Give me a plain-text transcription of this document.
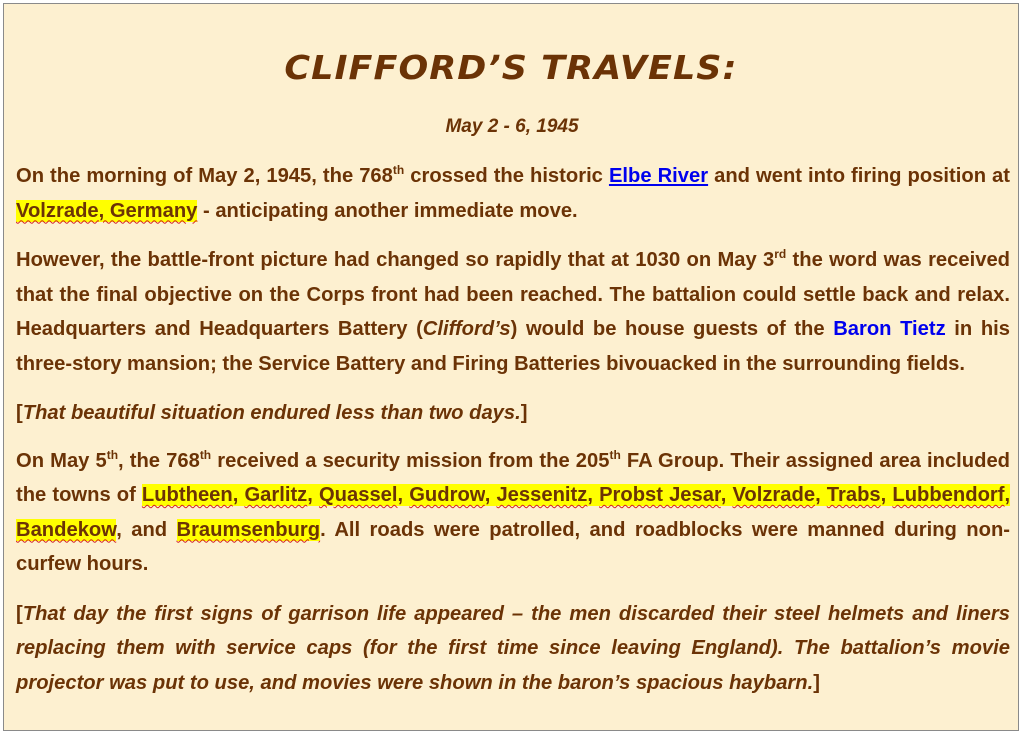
CLIFFORD’S TRAVELS:
May 2 - 6, 1945

On the morning of May 2, 1945, the 768th crossed the historic Elbe River and went into firing position at Volzrade, Germany - anticipating another immediate move.

However, the battle-front picture had changed so rapidly that at 1030 on May 3rd the word was received that the final objective on the Corps front had been reached. The battalion could settle back and relax. Headquarters and Headquarters Battery (Clifford’s) would be house guests of the Baron Tietz in his three-story mansion; the Service Battery and Firing Batteries bivouacked in the surrounding fields.

[That beautiful situation endured less than two days.]

On May 5th, the 768th received a security mission from the 205th FA Group. Their assigned area included the towns of Lubtheen, Garlitz, Quassel, Gudrow, Jessenitz, Probst Jesar, Volzrade, Trabs, Lubbendorf, Bandekow, and Braumsenburg. All roads were patrolled, and roadblocks were manned during non-curfew hours.

[That day the first signs of garrison life appeared – the men discarded their steel helmets and liners replacing them with service caps (for the first time since leaving England). The battalion’s movie projector was put to use, and movies were shown in the baron’s spacious haybarn.]
